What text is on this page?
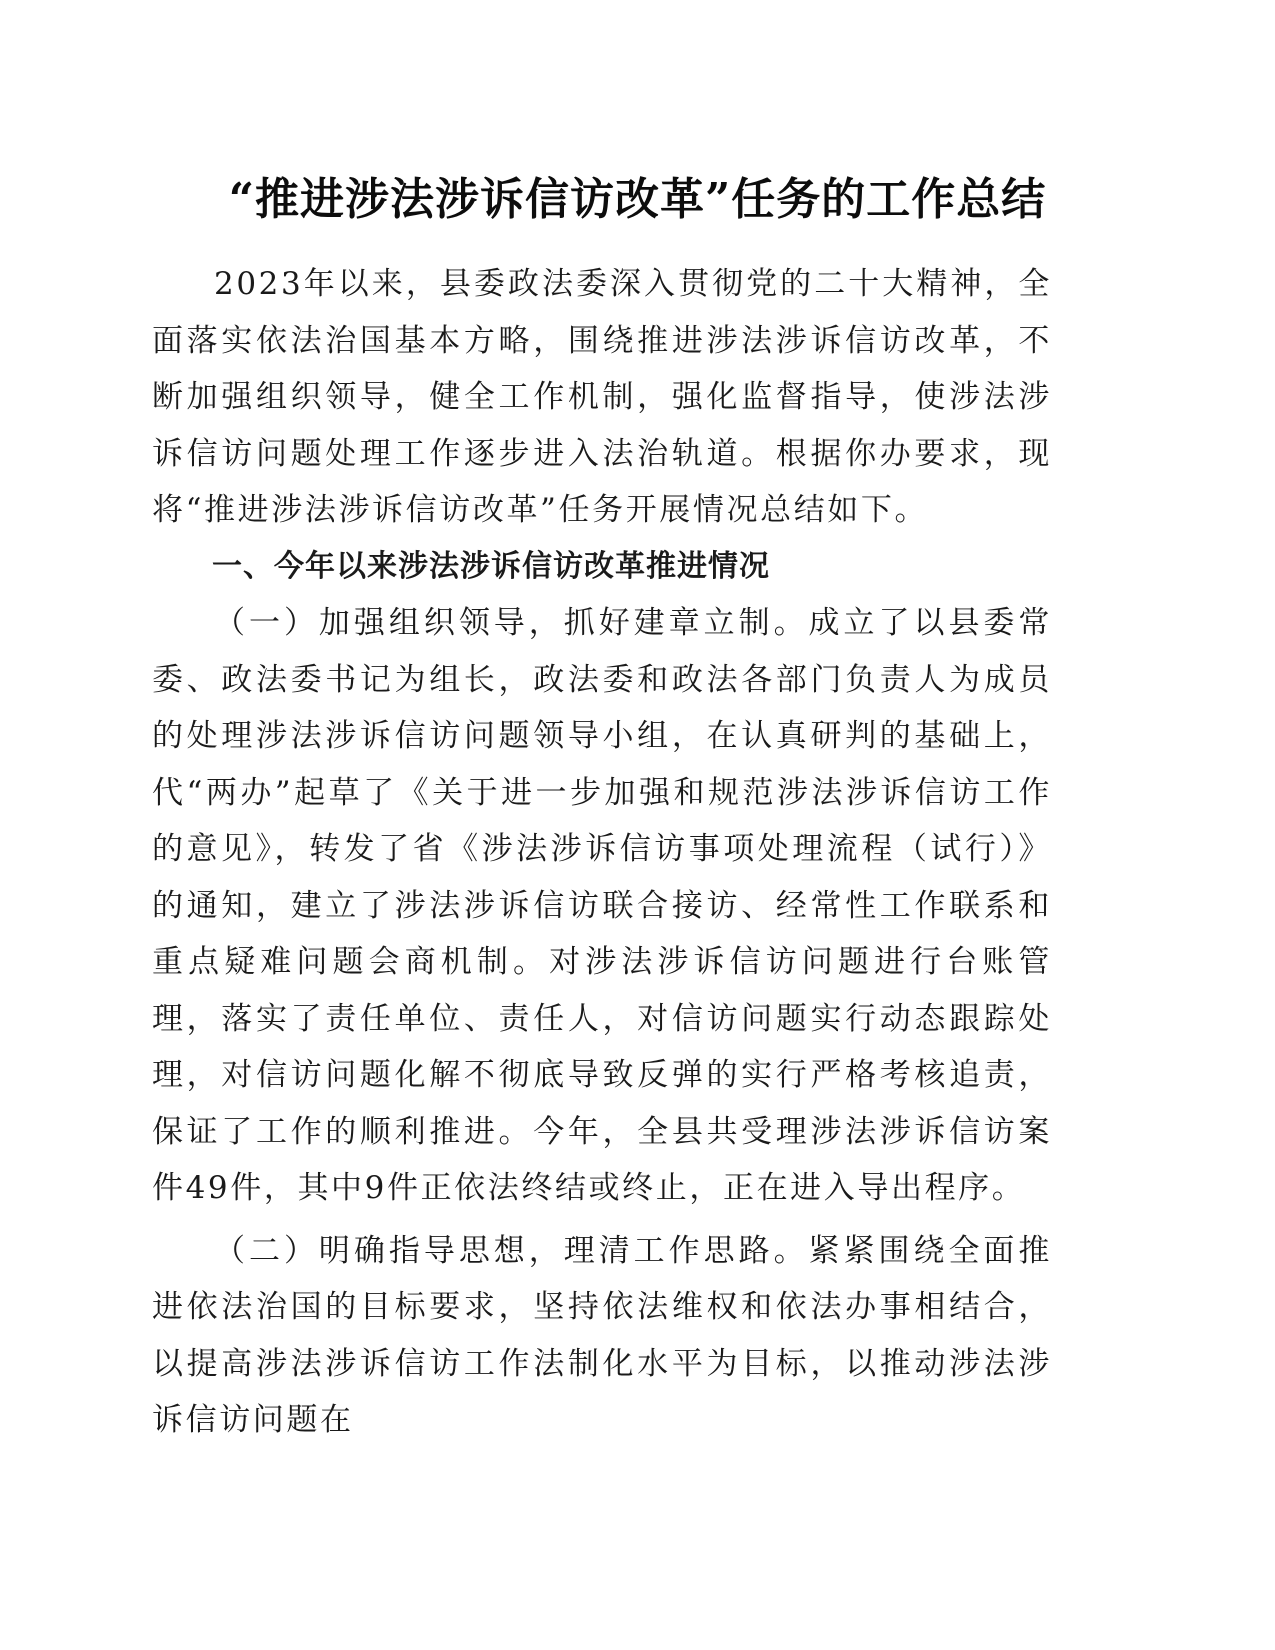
“推进涉法涉诉信访改革”任务的工作总结

2023年以来，县委政法委深入贯彻党的二十大精神，全面落实依法治国基本方略，围绕推进涉法涉诉信访改革，不断加强组织领导，健全工作机制，强化监督指导，使涉法涉诉信访问题处理工作逐步进入法治轨道。根据你办要求，现将“推进涉法涉诉信访改革”任务开展情况总结如下。

一、今年以来涉法涉诉信访改革推进情况

（一）加强组织领导，抓好建章立制。成立了以县委常委、政法委书记为组长，政法委和政法各部门负责人为成员的处理涉法涉诉信访问题领导小组，在认真研判的基础上，代“两办”起草了《关于进一步加强和规范涉法涉诉信访工作的意见》，转发了省《涉法涉诉信访事项处理流程（试行）》的通知，建立了涉法涉诉信访联合接访、经常性工作联系和重点疑难问题会商机制。对涉法涉诉信访问题进行台账管理，落实了责任单位、责任人，对信访问题实行动态跟踪处理，对信访问题化解不彻底导致反弹的实行严格考核追责，保证了工作的顺利推进。今年，全县共受理涉法涉诉信访案件49件，其中9件正依法终结或终止，正在进入导出程序。

（二）明确指导思想，理清工作思路。紧紧围绕全面推进依法治国的目标要求，坚持依法维权和依法办事相结合，以提高涉法涉诉信访工作法制化水平为目标，以推动涉法涉诉信访问题在
